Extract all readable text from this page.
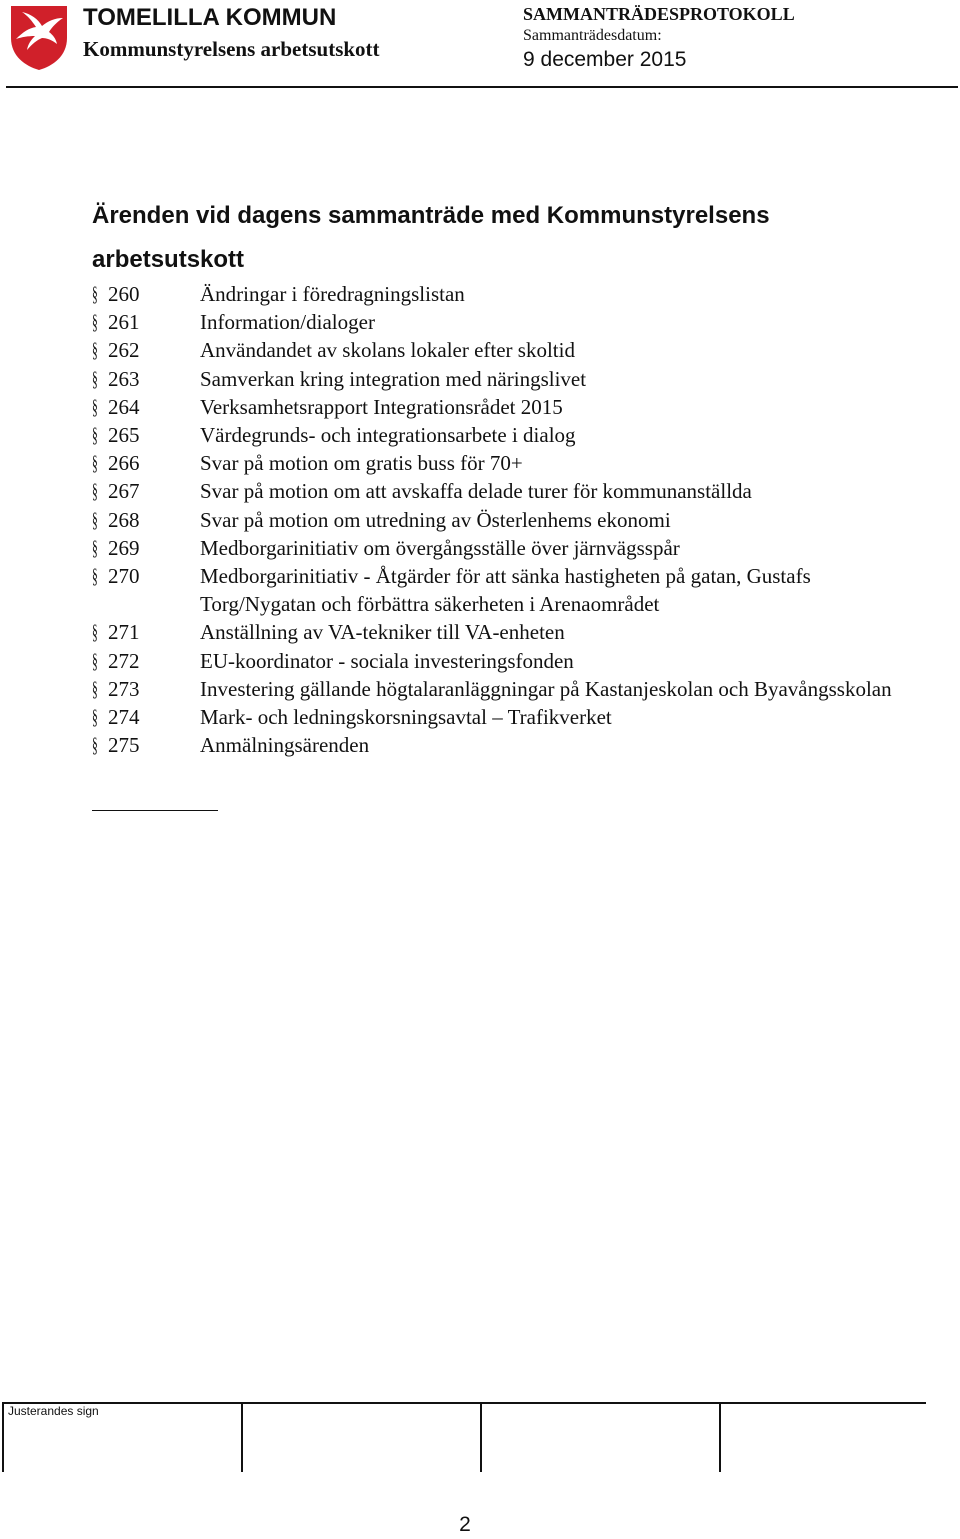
TOMELILLA KOMMUN
Kommunstyrelsens arbetsutskott
SAMMANTRÄDESPROTOKOLL
Sammanträdesdatum:
9 december 2015
Ärenden vid dagens sammanträde med Kommunstyrelsens arbetsutskott
§ 260	Ändringar i föredragningslistan
§ 261	Information/dialoger
§ 262	Användandet av skolans lokaler efter skoltid
§ 263	Samverkan kring integration med näringslivet
§ 264	Verksamhetsrapport Integrationsrådet 2015
§ 265	Värdegrunds- och integrationsarbete i dialog
§ 266	Svar på motion om gratis buss för 70+
§ 267	Svar på motion om att avskaffa delade turer för kommunanställda
§ 268	Svar på motion om utredning av Österlenhems ekonomi
§ 269	Medborgarinitiativ om övergångsställe över järnvägsspår
§ 270	Medborgarinitiativ - Åtgärder för att sänka hastigheten på gatan, Gustafs Torg/Nygatan och förbättra säkerheten i Arenaområdet
§ 271	Anställning av VA-tekniker till VA-enheten
§ 272	EU-koordinator - sociala investeringsfonden
§ 273	Investering gällande högtalaranläggningar på Kastanjeskolan och Byavångsskolan
§ 274	Mark- och ledningskorsningsavtal – Trafikverket
§ 275	Anmälningsärenden
Justerandes sign
2
